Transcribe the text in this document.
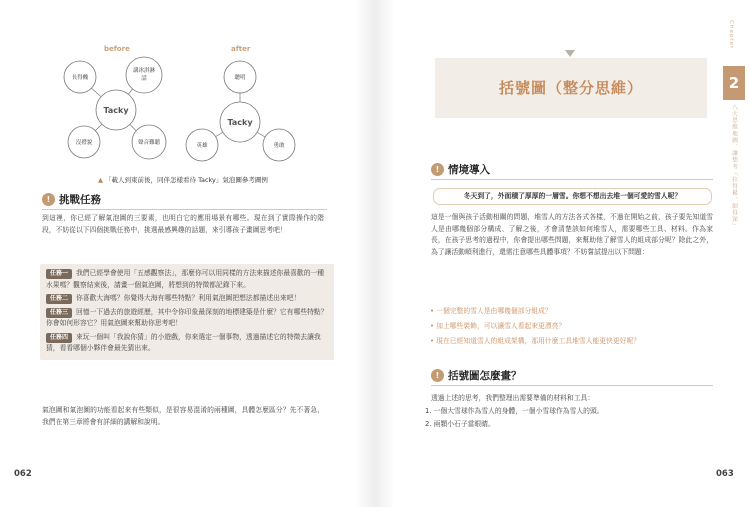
before	after
Tacky
長得醜
講冰淇淋
話
沒禮貌	聲音難聽
Tacky
聰明
英雄	勇敢
▲ 「載人到東前後，同伴怎樣看待 Tacky」氣泡圖參考圖例
! 挑戰任務

到這裡，你已經了解氣泡圖的三要素，也明白它的應用場景有哪些。現在到了實際操作的階段，不妨從以下四個挑戰任務中，挑選最感興趣的話題，來引導孩子畫圖思考吧！

任務一 我們已經學會使用「五感觀察法」，那麼你可以用同樣的方法來描述你最喜歡的一種水果嗎？觀察結束後，請畫一個氣泡圖，將想到的特徵都記錄下來。

任務二 你喜歡大海嗎？你覺得大海有哪些特點？利用氣泡圖把想法都描述出來吧！

任務三 回憶一下過去的旅遊經歷，其中令你印象最深刻的地標建築是什麼？它有哪些特點？你會如何形容它？用氣泡圖來幫助你思考吧！

任務四 來玩一個叫「我說你猜」的小遊戲，你來選定一個事物，透過描述它的特徵去讓我猜，看看哪個小夥伴會最先猜出來。

氣泡圖和氣泡圖的功能看起來有些類似，是很容易混淆的兩種圖，具體怎麼區分？先不著急，我們在第三章將會有詳細的講解和說明。

062
括號圖（整分思維）
Chapter
2
八大思維地圖，讓想考「拉得鬆，細得深」
! 情境導入
冬天到了，外面積了厚厚的一層雪。你想不想出去堆一個可愛的雪人呢？

這是一個與孩子活動相關的問題，堆雪人的方法各式各樣，不過在開始之前，孩子要先知道雪人是由哪幾個部分構成、了解之後，才會清楚該如何堆雪人，需要哪些工具、材料。作為家長，在孩子思考的過程中，你會提出哪些問題，來幫助他了解雪人的組成部分呢？除此之外，為了讓活動順利進行，還需注意哪些具體事項？不妨嘗試提出以下問題：

• 一個完整的雪人是由哪幾個部分組成？
• 加上哪些裝飾，可以讓雪人看起來更漂亮？
• 現在已經知道雪人的組成架構，那用什麼工具堆雪人能更快更好呢？
! 括號圖怎麼畫？

透過上述的思考，我們整理出需要準備的材料和工具：

1. 一個大雪球作為雪人的身體，一個小雪球作為雪人的頭。

2. 兩顆小石子當眼睛。

063
